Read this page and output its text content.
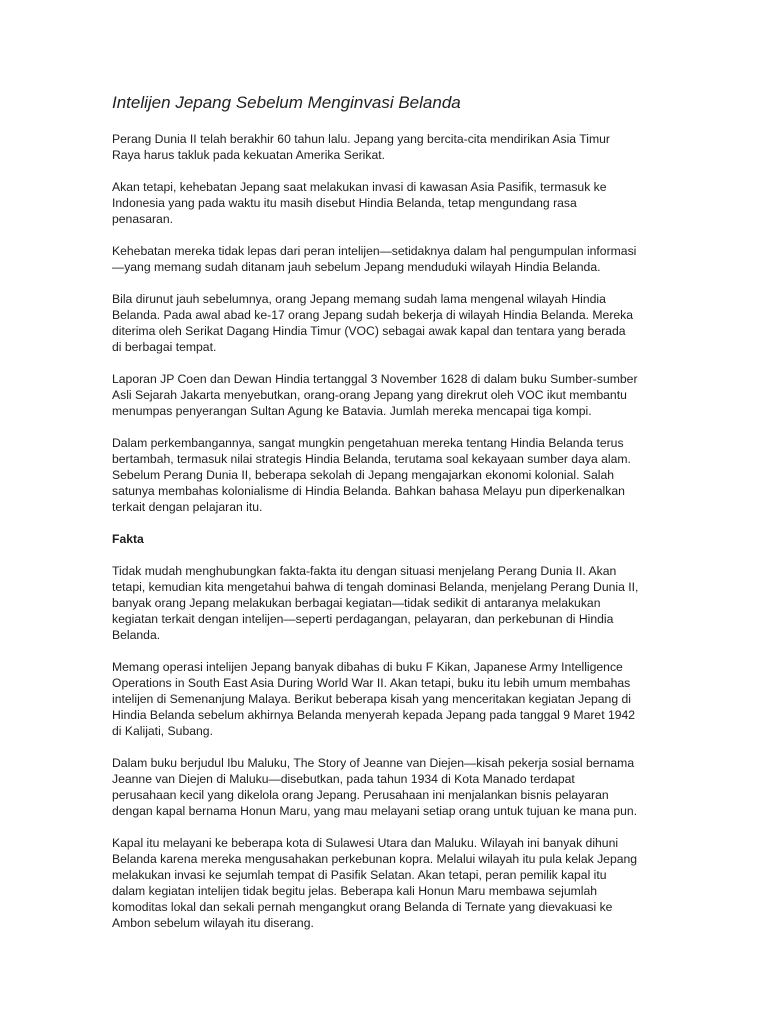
Intelijen Jepang Sebelum Menginvasi Belanda

Perang Dunia II telah berakhir 60 tahun lalu. Jepang yang bercita-cita mendirikan Asia Timur
Raya harus takluk pada kekuatan Amerika Serikat.

Akan tetapi, kehebatan Jepang saat melakukan invasi di kawasan Asia Pasifik, termasuk ke
Indonesia yang pada waktu itu masih disebut Hindia Belanda, tetap mengundang rasa
penasaran.

Kehebatan mereka tidak lepas dari peran intelijen—setidaknya dalam hal pengumpulan informasi
—yang memang sudah ditanam jauh sebelum Jepang menduduki wilayah Hindia Belanda.

Bila dirunut jauh sebelumnya, orang Jepang memang sudah lama mengenal wilayah Hindia
Belanda. Pada awal abad ke-17 orang Jepang sudah bekerja di wilayah Hindia Belanda. Mereka
diterima oleh Serikat Dagang Hindia Timur (VOC) sebagai awak kapal dan tentara yang berada
di berbagai tempat.

Laporan JP Coen dan Dewan Hindia tertanggal 3 November 1628 di dalam buku Sumber-sumber
Asli Sejarah Jakarta menyebutkan, orang-orang Jepang yang direkrut oleh VOC ikut membantu
menumpas penyerangan Sultan Agung ke Batavia. Jumlah mereka mencapai tiga kompi.

Dalam perkembangannya, sangat mungkin pengetahuan mereka tentang Hindia Belanda terus
bertambah, termasuk nilai strategis Hindia Belanda, terutama soal kekayaan sumber daya alam.
Sebelum Perang Dunia II, beberapa sekolah di Jepang mengajarkan ekonomi kolonial. Salah
satunya membahas kolonialisme di Hindia Belanda. Bahkan bahasa Melayu pun diperkenalkan
terkait dengan pelajaran itu.

Fakta

Tidak mudah menghubungkan fakta-fakta itu dengan situasi menjelang Perang Dunia II. Akan
tetapi, kemudian kita mengetahui bahwa di tengah dominasi Belanda, menjelang Perang Dunia II,
banyak orang Jepang melakukan berbagai kegiatan—tidak sedikit di antaranya melakukan
kegiatan terkait dengan intelijen—seperti perdagangan, pelayaran, dan perkebunan di Hindia
Belanda.

Memang operasi intelijen Jepang banyak dibahas di buku F Kikan, Japanese Army Intelligence
Operations in South East Asia During World War II. Akan tetapi, buku itu lebih umum membahas
intelijen di Semenanjung Malaya. Berikut beberapa kisah yang menceritakan kegiatan Jepang di
Hindia Belanda sebelum akhirnya Belanda menyerah kepada Jepang pada tanggal 9 Maret 1942
di Kalijati, Subang.

Dalam buku berjudul Ibu Maluku, The Story of Jeanne van Diejen—kisah pekerja sosial bernama
Jeanne van Diejen di Maluku—disebutkan, pada tahun 1934 di Kota Manado terdapat
perusahaan kecil yang dikelola orang Jepang. Perusahaan ini menjalankan bisnis pelayaran
dengan kapal bernama Honun Maru, yang mau melayani setiap orang untuk tujuan ke mana pun.

Kapal itu melayani ke beberapa kota di Sulawesi Utara dan Maluku. Wilayah ini banyak dihuni
Belanda karena mereka mengusahakan perkebunan kopra. Melalui wilayah itu pula kelak Jepang
melakukan invasi ke sejumlah tempat di Pasifik Selatan. Akan tetapi, peran pemilik kapal itu
dalam kegiatan intelijen tidak begitu jelas. Beberapa kali Honun Maru membawa sejumlah
komoditas lokal dan sekali pernah mengangkut orang Belanda di Ternate yang dievakuasi ke
Ambon sebelum wilayah itu diserang.
